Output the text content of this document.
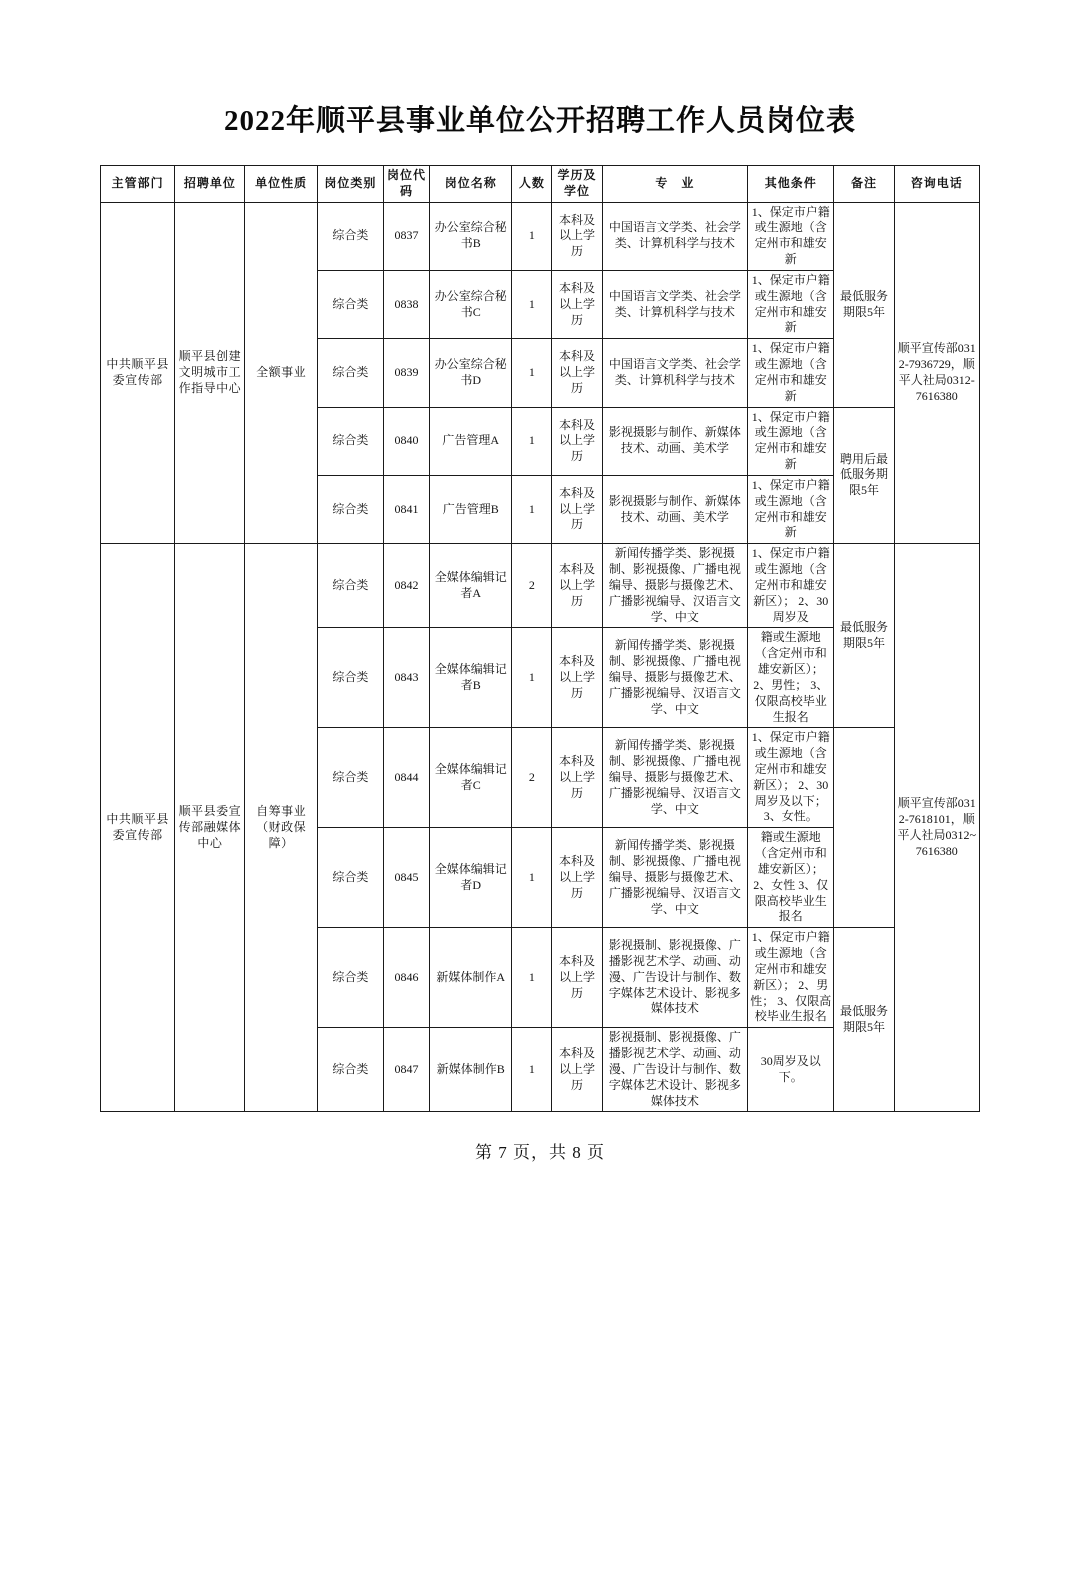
2022年顺平县事业单位公开招聘工作人员岗位表
主管部门	招聘单位	单位性质	岗位类别	岗位代码	岗位名称	人数	学历及学位	专　业	其他条件	备注	咨询电话
中共顺平县委宣传部	顺平县创建文明城市工作指导中心	全额事业	综合类	0837	办公室综合秘书B	1	本科及以上学历	中国语言文学类、社会学类、计算机科学与技术	1、保定市户籍或生源地（含定州市和雄安新	最低服务期限5年	顺平宣传部0312-7936729，顺平人社局0312-7616380
			综合类	0838	办公室综合秘书C	1	本科及以上学历	中国语言文学类、社会学类、计算机科学与技术	1、保定市户籍或生源地（含定州市和雄安新		
			综合类	0839	办公室综合秘书D	1	本科及以上学历	中国语言文学类、社会学类、计算机科学与技术	1、保定市户籍或生源地（含定州市和雄安新		
			综合类	0840	广告管理A	1	本科及以上学历	影视摄影与制作、新媒体技术、动画、美术学	1、保定市户籍或生源地（含定州市和雄安新	聘用后最低服务期限5年	
			综合类	0841	广告管理B	1	本科及以上学历	影视摄影与制作、新媒体技术、动画、美术学	1、保定市户籍或生源地（含定州市和雄安新		
中共顺平县委宣传部	顺平县委宣传部融媒体中心	自筹事业（财政保障）	综合类	0842	全媒体编辑记者A	2	本科及以上学历	新闻传播学类、影视摄制、影视摄像、广播电视编导、摄影与摄像艺术、广播影视编导、汉语言文学、中文	1、保定市户籍或生源地（含定州市和雄安新区）； 2、30周岁及	最低服务期限5年	顺平宣传部0312-7618101，顺平人社局0312~7616380
			综合类	0843	全媒体编辑记者B	1	本科及以上学历	新闻传播学类、影视摄制、影视摄像、广播电视编导、摄影与摄像艺术、广播影视编导、汉语言文学、中文	籍或生源地（含定州市和雄安新区）； 2、男性； 3、仅限高校毕业生报名		
			综合类	0844	全媒体编辑记者C	2	本科及以上学历	新闻传播学类、影视摄制、影视摄像、广播电视编导、摄影与摄像艺术、广播影视编导、汉语言文学、中文	1、保定市户籍或生源地（含定州市和雄安新区）； 2、30周岁及以下； 3、女性。		
			综合类	0845	全媒体编辑记者D	1	本科及以上学历	新闻传播学类、影视摄制、影视摄像、广播电视编导、摄影与摄像艺术、广播影视编导、汉语言文学、中文	籍或生源地（含定州市和雄安新区）； 2、女性 3、仅限高校毕业生报名		
			综合类	0846	新媒体制作A	1	本科及以上学历	影视摄制、影视摄像、广播影视艺术学、动画、动漫、广告设计与制作、数字媒体艺术设计、影视多媒体技术	1、保定市户籍或生源地（含定州市和雄安新区）； 2、男性； 3、仅限高校毕业生报名	最低服务期限5年	
			综合类	0847	新媒体制作B	1	本科及以上学历	影视摄制、影视摄像、广播影视艺术学、动画、动漫、广告设计与制作、数字媒体艺术设计、影视多媒体技术	30周岁及以下。		
第 7 页，共 8 页
